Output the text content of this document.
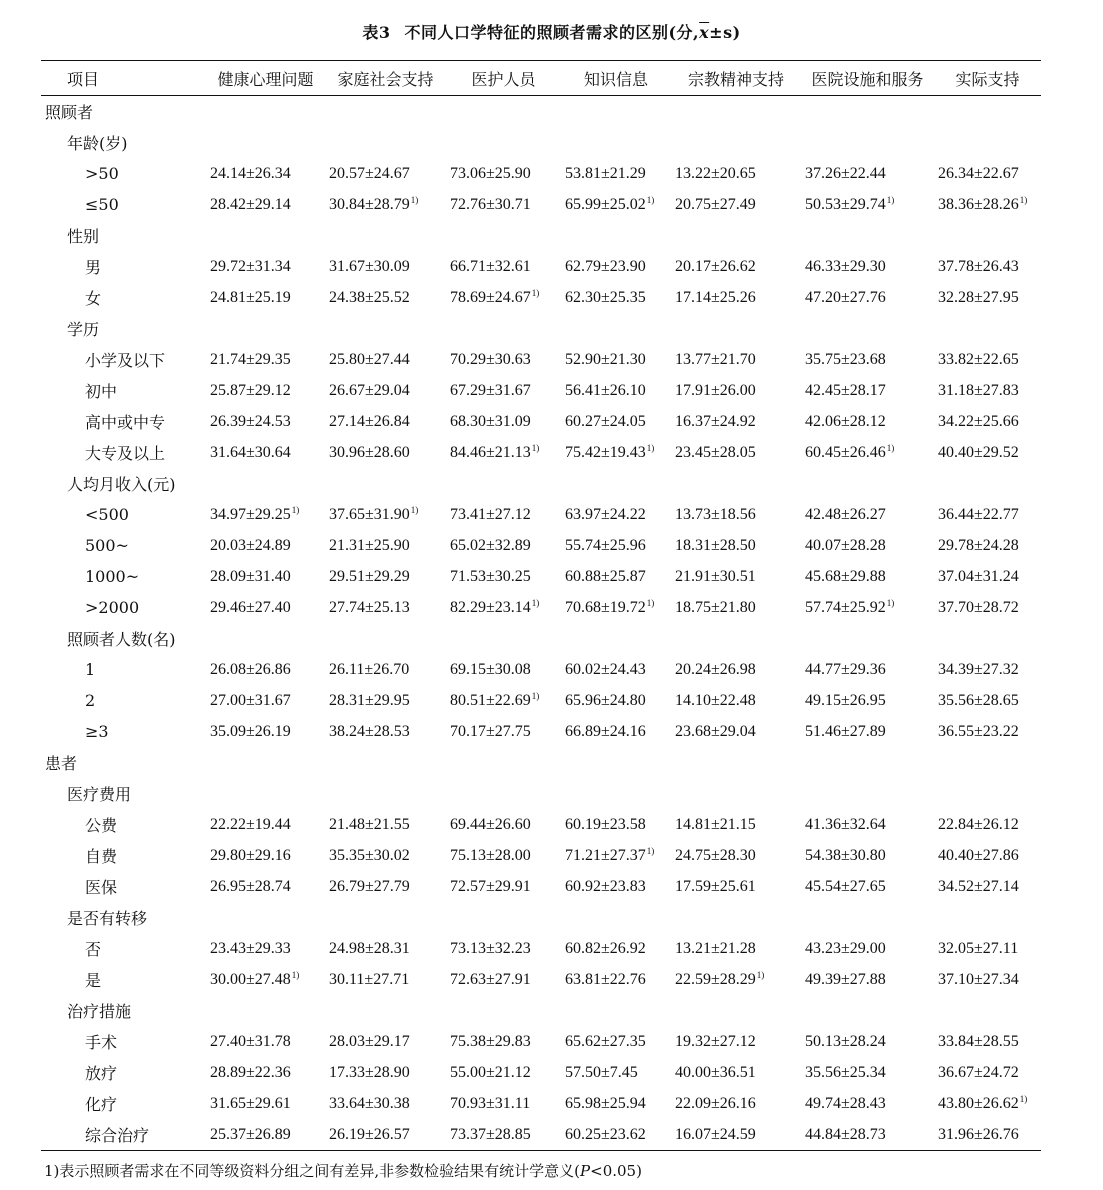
表3 不同人口学特征的照顾者需求的区别(分$,\overline{x}\pm s$)
项目	健康心理问题	家庭社会支持	医护人员	知识信息	宗教精神支持	医院设施和服务	实际支持
照顾者							
年龄(岁)							
>50	24.14±26.34	20.57±24.67	73.06±25.90	53.81±21.29	13.22±20.65	37.26±22.44	26.34±22.67
≤50	28.42±29.14	$30.84\pm 28.79^{1)}$	72.76±30.71	$65.99\pm 25.02^{1)}$	20.75±27.49	$50.53\pm 29.74^{1)}$	$38.36\pm 28.26^{1)}$
性别							
男	29.72±31.34	31.67±30.09	66.71±32.61	62.79±23.90	20.17±26.62	46.33±29.30	37.78±26.43
女	24.81±25.19	24.38±25.52	$78.69\pm 24.67^{1)}$	62.30±25.35	17.14±25.26	47.20±27.76	32.28±27.95
学历							
小学及以下	21.74±29.35	25.80±27.44	70.29±30.63	52.90±21.30	13.77±21.70	35.75±23.68	33.82±22.65
初中	25.87±29.12	26.67±29.04	67.29±31.67	56.41±26.10	17.91±26.00	42.45±28.17	31.18±27.83
高中或中专	26.39±24.53	27.14±26.84	68.30±31.09	60.27±24.05	16.37±24.92	42.06±28.12	34.22±25.66
大专及以上	31.64±30.64	30.96±28.60	$84.46\pm 21.13^{1)}$	$75.42\pm 19.43^{1)}$	23.45±28.05	$60.45\pm 26.46^{1)}$	40.40±29.52
人均月收入(元)							
<500	$34.97\pm 29.25^{1)}$	$37.65\pm 31.90^{1)}$	73.41±27.12	63.97±24.22	13.73±18.56	42.48±26.27	36.44±22.77
500~	20.03±24.89	21.31±25.90	65.02±32.89	55.74±25.96	18.31±28.50	40.07±28.28	29.78±24.28
1000~	28.09±31.40	29.51±29.29	71.53±30.25	60.88±25.87	21.91±30.51	45.68±29.88	37.04±31.24
>2000	29.46±27.40	27.74±25.13	$82.29\pm 23.14^{1)}$	$70.68\pm 19.72^{1)}$	18.75±21.80	$57.74\pm 25.92^{1)}$	37.70±28.72
照顾者人数(名)							
1	26.08±26.86	26.11±26.70	69.15±30.08	60.02±24.43	20.24±26.98	44.77±29.36	34.39±27.32
2	27.00±31.67	28.31±29.95	$80.51\pm 22.69^{1)}$	65.96±24.80	14.10±22.48	49.15±26.95	35.56±28.65
≥3	35.09±26.19	38.24±28.53	70.17±27.75	66.89±24.16	23.68±29.04	51.46±27.89	36.55±23.22
患者							
医疗费用							
公费	22.22±19.44	21.48±21.55	69.44±26.60	60.19±23.58	14.81±21.15	41.36±32.64	22.84±26.12
自费	29.80±29.16	35.35±30.02	75.13±28.00	$71.21\pm 27.37^{1)}$	24.75±28.30	54.38±30.80	40.40±27.86
医保	26.95±28.74	26.79±27.79	72.57±29.91	60.92±23.83	17.59±25.61	45.54±27.65	34.52±27.14
是否有转移							
否	23.43±29.33	24.98±28.31	73.13±32.23	60.82±26.92	13.21±21.28	43.23±29.00	32.05±27.11
是	$30.00\pm 27.48^{1)}$	30.11±27.71	72.63±27.91	63.81±22.76	$22.59\pm 28.29^{1)}$	49.39±27.88	37.10±27.34
治疗措施							
手术	27.40±31.78	28.03±29.17	75.38±29.83	65.62±27.35	19.32±27.12	50.13±28.24	33.84±28.55
放疗	28.89±22.36	17.33±28.90	55.00±21.12	57.50±7.45	40.00±36.51	35.56±25.34	36.67±24.72
化疗	31.65±29.61	33.64±30.38	70.93±31.11	65.98±25.94	22.09±26.16	49.74±28.43	$43.80\pm 26.62^{1)}$
综合治疗	25.37±26.89	26.19±26.57	73.37±28.85	60.25±23.62	16.07±24.59	44.84±28.73	31.96±26.76
1)表示照顾者需求在不同等级资料分组之间有差异,非参数检验结果有统计学意义(P<0.05)
